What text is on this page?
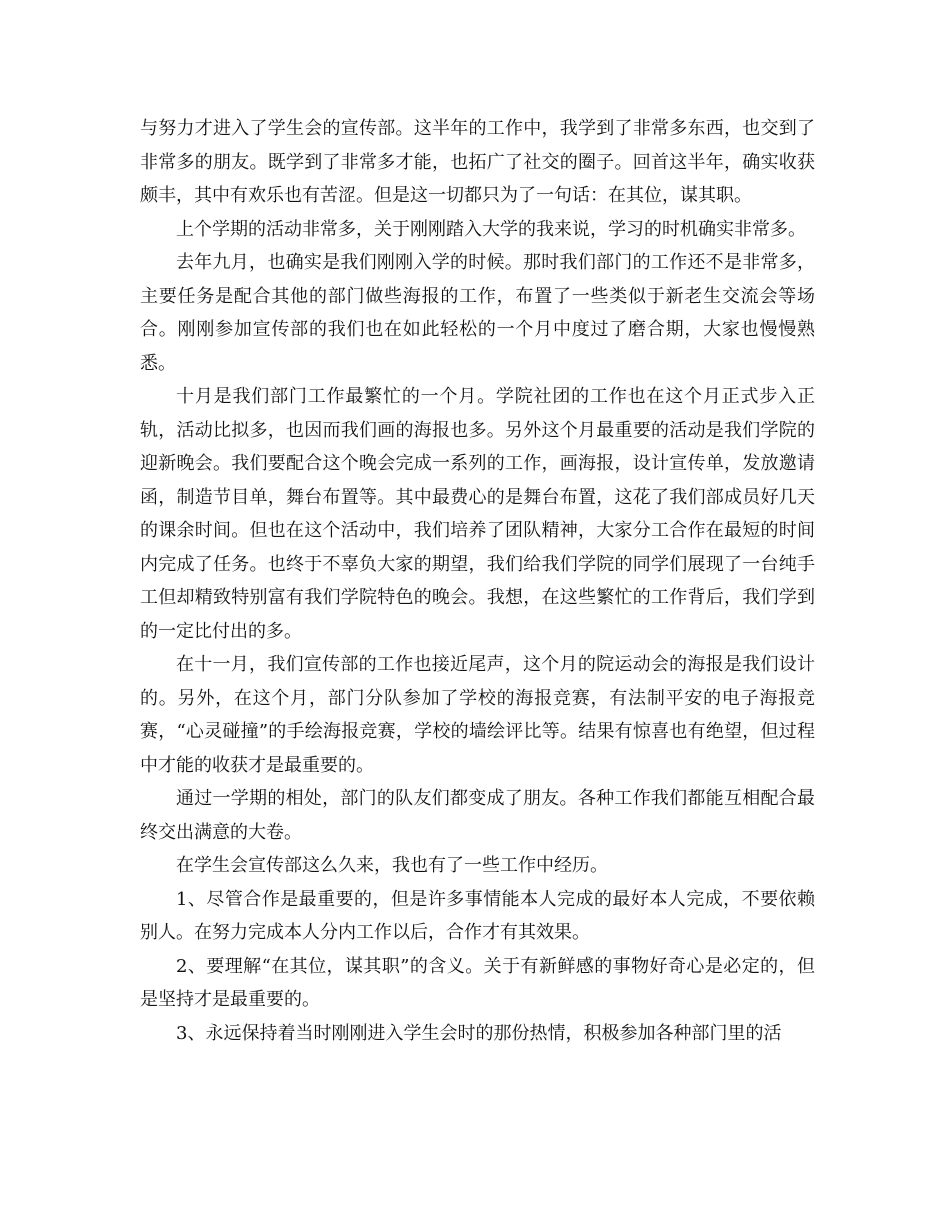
与努力才进入了学生会的宣传部。这半年的工作中，我学到了非常多东西，也交到了非常多的朋友。既学到了非常多才能，也拓广了社交的圈子。回首这半年，确实收获颇丰，其中有欢乐也有苦涩。但是这一切都只为了一句话：在其位，谋其职。

上个学期的活动非常多，关于刚刚踏入大学的我来说，学习的时机确实非常多。

去年九月，也确实是我们刚刚入学的时候。那时我们部门的工作还不是非常多，主要任务是配合其他的部门做些海报的工作，布置了一些类似于新老生交流会等场合。刚刚参加宣传部的我们也在如此轻松的一个月中度过了磨合期，大家也慢慢熟悉。

十月是我们部门工作最繁忙的一个月。学院社团的工作也在这个月正式步入正轨，活动比拟多，也因而我们画的海报也多。另外这个月最重要的活动是我们学院的迎新晚会。我们要配合这个晚会完成一系列的工作，画海报，设计宣传单，发放邀请函，制造节目单，舞台布置等。其中最费心的是舞台布置，这花了我们部成员好几天的课余时间。但也在这个活动中，我们培养了团队精神，大家分工合作在最短的时间内完成了任务。也终于不辜负大家的期望，我们给我们学院的同学们展现了一台纯手工但却精致特别富有我们学院特色的晚会。我想，在这些繁忙的工作背后，我们学到的一定比付出的多。

在十一月，我们宣传部的工作也接近尾声，这个月的院运动会的海报是我们设计的。另外，在这个月，部门分队参加了学校的海报竞赛，有法制平安的电子海报竞赛，“心灵碰撞”的手绘海报竞赛，学校的墙绘评比等。结果有惊喜也有绝望，但过程中才能的收获才是最重要的。

通过一学期的相处，部门的队友们都变成了朋友。各种工作我们都能互相配合最终交出满意的大卷。

在学生会宣传部这么久来，我也有了一些工作中经历。

1、尽管合作是最重要的，但是许多事情能本人完成的最好本人完成，不要依赖别人。在努力完成本人分内工作以后，合作才有其效果。

2、要理解“在其位，谋其职”的含义。关于有新鲜感的事物好奇心是必定的，但是坚持才是最重要的。

3、永远保持着当时刚刚进入学生会时的那份热情，积极参加各种部门里的活
